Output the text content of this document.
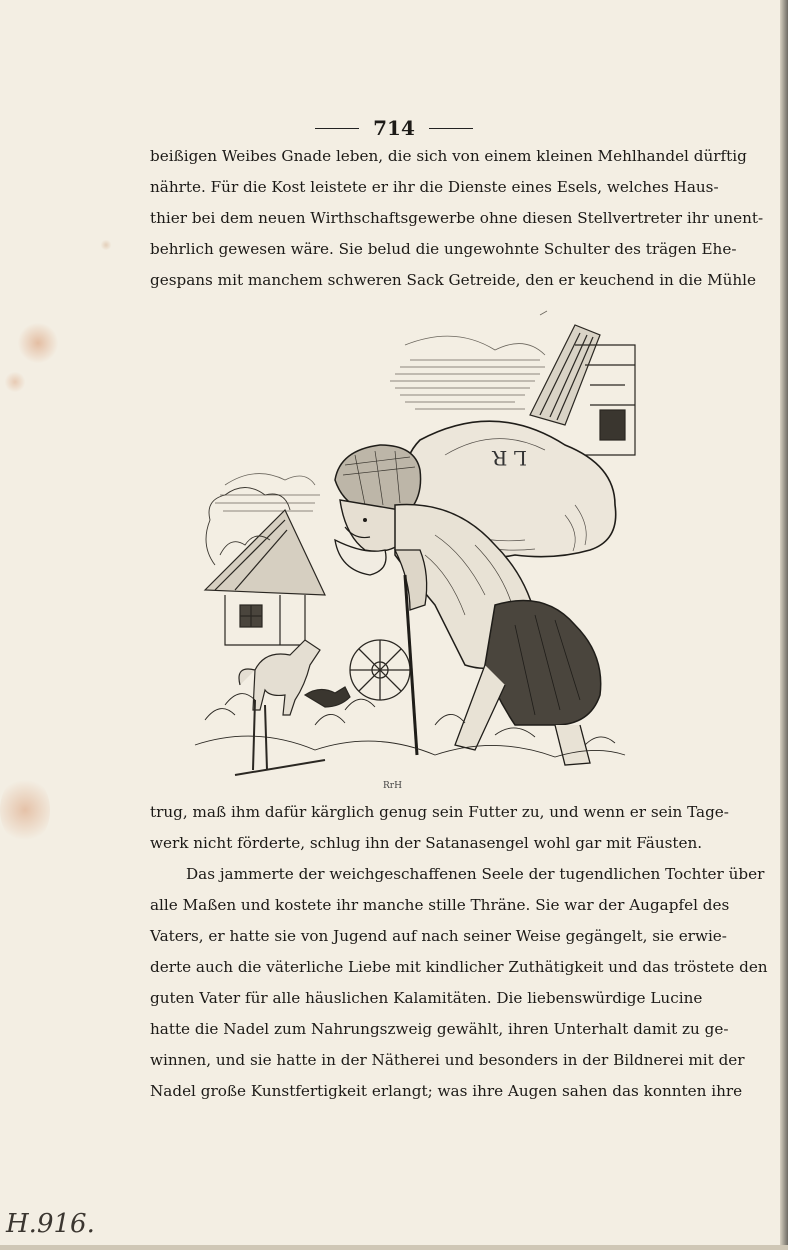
714
beißigen Weibes Gnade leben, die sich von einem kleinen Mehlhandel dürftig
nährte. Für die Kost leistete er ihr die Dienste eines Esels, welches Haus-
thier bei dem neuen Wirthschaftsgewerbe ohne diesen Stellvertreter ihr unent-
behrlich gewesen wäre. Sie belud die ungewohnte Schulter des trägen Ehe-
gespans mit manchem schweren Sack Getreide, den er keuchend in die Mühle
L R
RrH
trug, maß ihm dafür kärglich genug sein Futter zu, und wenn er sein Tage-
werk nicht förderte, schlug ihn der Satanasengel wohl gar mit Fäusten.
Das jammerte der weichgeschaffenen Seele der tugendlichen Tochter über
alle Maßen und kostete ihr manche stille Thräne. Sie war der Augapfel des
Vaters, er hatte sie von Jugend auf nach seiner Weise gegängelt, sie erwie-
derte auch die väterliche Liebe mit kindlicher Zuthätigkeit und das tröstete den
guten Vater für alle häuslichen Kalamitäten. Die liebenswürdige Lucine
hatte die Nadel zum Nahrungszweig gewählt, ihren Unterhalt damit zu ge-
winnen, und sie hatte in der Nätherei und besonders in der Bildnerei mit der
Nadel große Kunstfertigkeit erlangt; was ihre Augen sahen das konnten ihre
H.916.
